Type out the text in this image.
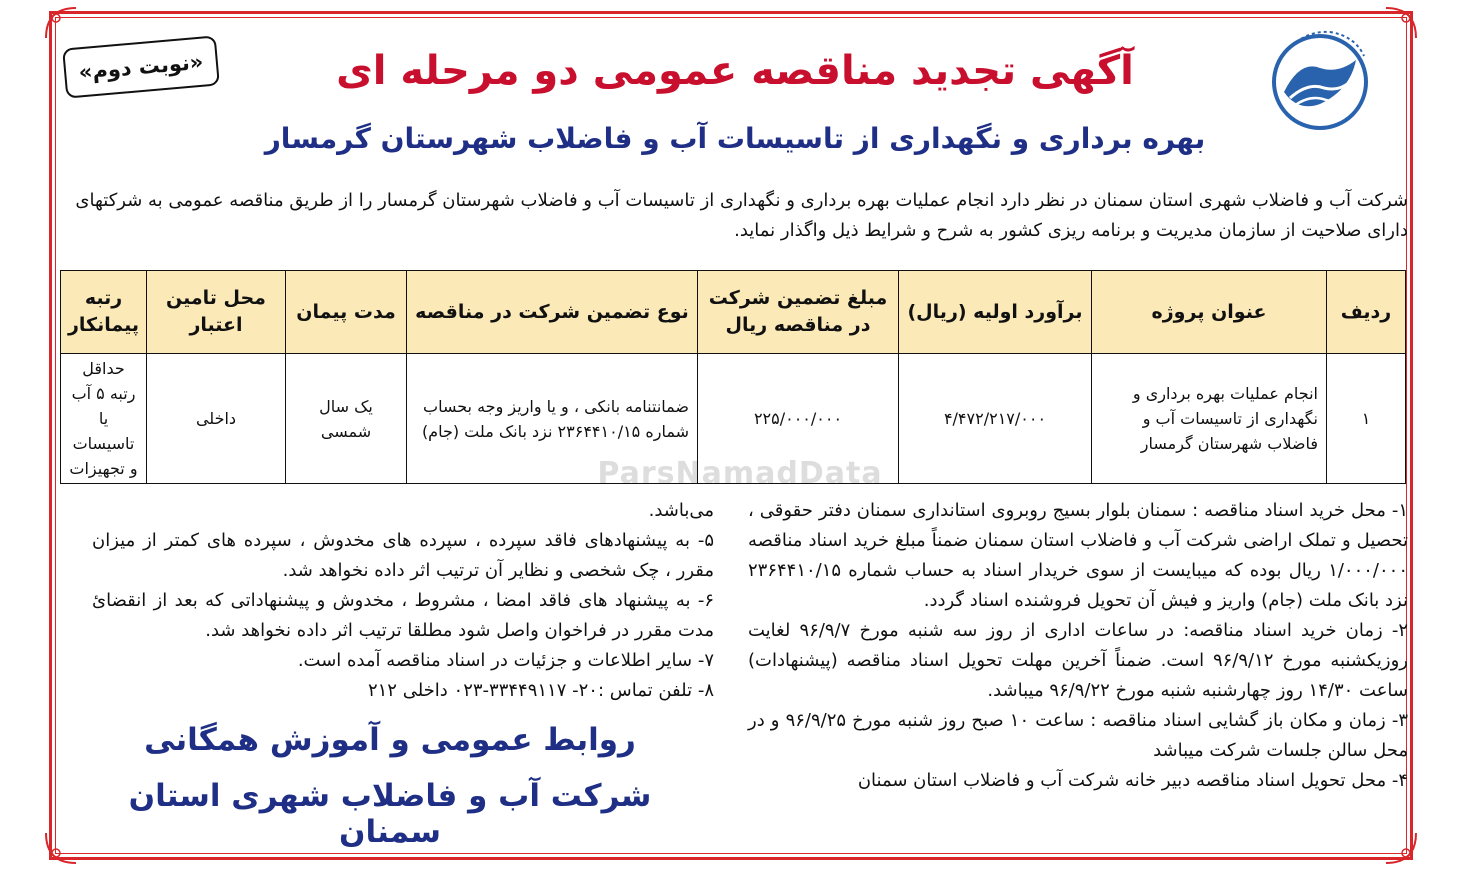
«نوبت دوم»	آگهی تجدید مناقصه عمومی دو مرحله ای
بهره برداری و نگهداری از تاسیسات آب و فاضلاب شهرستان گرمسار
شرکت آب و فاضلاب شهری استان سمنان در نظر دارد انجام عملیات بهره برداری و نگهداری از تاسیسات آب و فاضلاب شهرستان گرمسار را از طریق مناقصه عمومی به شرکتهای دارای صلاحیت از سازمان مدیریت و برنامه ریزی کشور به شرح و شرایط ذیل واگذار نماید.
ParsNamadData
ردیف	عنوان پروژه	برآورد اولیه (ریال)	مبلغ تضمین شرکت در مناقصه ریال	نوع تضمین شرکت در مناقصه	مدت پیمان	محل تامین اعتبار	رتبه پیمانکار
۱	انجام عملیات بهره برداری و نگهداری از تاسیسات آب و فاضلاب شهرستان گرمسار	۴/۴۷۲/۲۱۷/۰۰۰	۲۲۵/۰۰۰/۰۰۰	ضمانتنامه بانکی ، و یا واریز وجه بحساب شماره ۲۳۶۴۴۱۰/۱۵ نزد بانک ملت (جام)	یک سال شمسی	داخلی	حداقل رتبه ۵ آب یا تاسیسات و تجهیزات

۱- محل خرید اسناد مناقصه : سمنان بلوار بسیج روبروی استانداری سمنان دفتر حقوقی ، تحصیل و تملک اراضی شرکت آب و فاضلاب استان سمنان ضمناً مبلغ خرید اسناد مناقصه ۱/۰۰۰/۰۰۰ ریال بوده که میبایست از سوی خریدار اسناد به حساب شماره ۲۳۶۴۴۱۰/۱۵ نزد بانک ملت (جام) واریز و فیش آن تحویل فروشنده اسناد گردد.

۲- زمان خرید اسناد مناقصه: در ساعات اداری از روز سه شنبه مورخ ۹۶/۹/۷ لغایت روزیکشنبه مورخ ۹۶/۹/۱۲ است. ضمناً آخرین مهلت تحویل اسناد مناقصه (پیشنهادات) ساعت ۱۴/۳۰ روز چهارشنبه شنبه مورخ ۹۶/۹/۲۲ میباشد.

۳- زمان و مکان باز گشایی اسناد مناقصه : ساعت ۱۰ صبح روز شنبه مورخ ۹۶/۹/۲۵ و در محل سالن جلسات شرکت میباشد

۴- محل تحویل اسناد مناقصه دبیر خانه شرکت آب و فاضلاب استان سمنان

می‌باشد.

۵- به پیشنهادهای فاقد سپرده ، سپرده های مخدوش ، سپرده های کمتر از میزان مقرر ، چک شخصی و نظایر آن ترتیب اثر داده نخواهد شد.

۶- به پیشنهاد های فاقد امضا ، مشروط ، مخدوش و پیشنهاداتی که بعد از انقضائ مدت مقرر در فراخوان واصل شود مطلقا ترتیب اثر داده نخواهد شد.

۷- سایر اطلاعات و جزئیات در اسناد مناقصه آمده است.

۸- تلفن تماس :۲۰- ۳۳۴۴۹۱۱۷-۰۲۳ داخلی ۲۱۲

روابط عمومی و آموزش همگانی
شرکت آب و فاضلاب شهری استان سمنان
